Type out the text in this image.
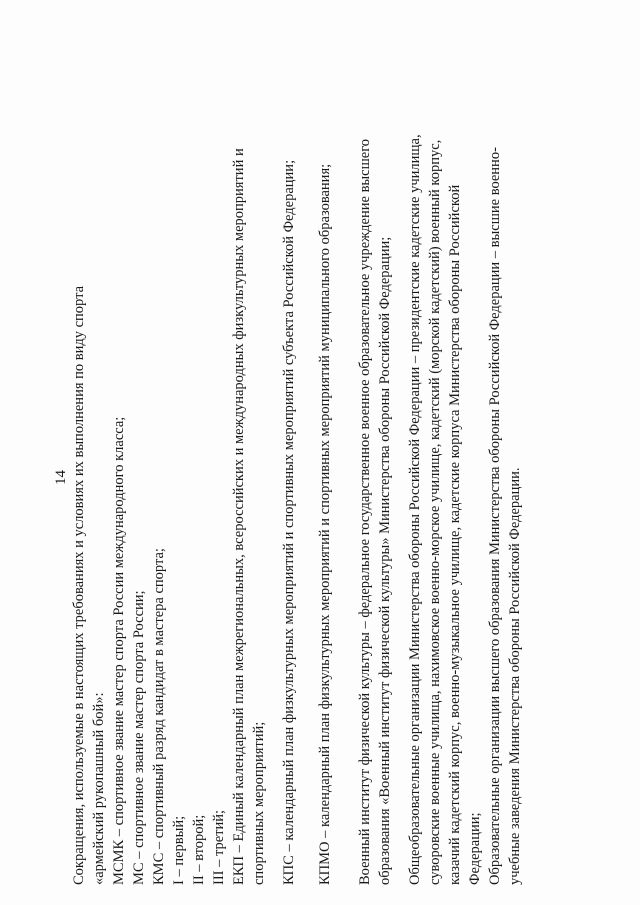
14 Сокращения, используемые в настоящих требованиях и условиях их выполнения по виду спорта «армейский рукопашный бой»: МСМК – спортивное звание мастер спорта России международного класса; МС – спортивное звание мастер спорта России; КМС – спортивный разряд кандидат в мастера спорта; I – первый; II – второй; III – третий; ЕКП – Единый календарный план межрегиональных, всероссийских и международных физкультурных мероприятий и спортивных мероприятий; КПС – календарный план физкультурных мероприятий и спортивных мероприятий субъекта Российской Федерации; КПМО – календарный план физкультурных мероприятий и спортивных мероприятий муниципального образования; Военный институт физической культуры – федеральное государственное военное образовательное учреждение высшего образования «Военный институт физической культуры» Министерства обороны Российской Федерации; Общеобразовательные организации Министерства обороны Российской Федерации – президентские кадетские училища, суворовские военные училища, нахимовское военно-морское училище, кадетский (морской кадетский) военный корпус, казачий кадетский корпус, военно-музыкальное училище, кадетские корпуса Министерства обороны Российской Федерации; Образовательные организации высшего образования Министерства обороны Российской Федерации – высшие военно- учебные заведения Министерства обороны Российской Федерации.
